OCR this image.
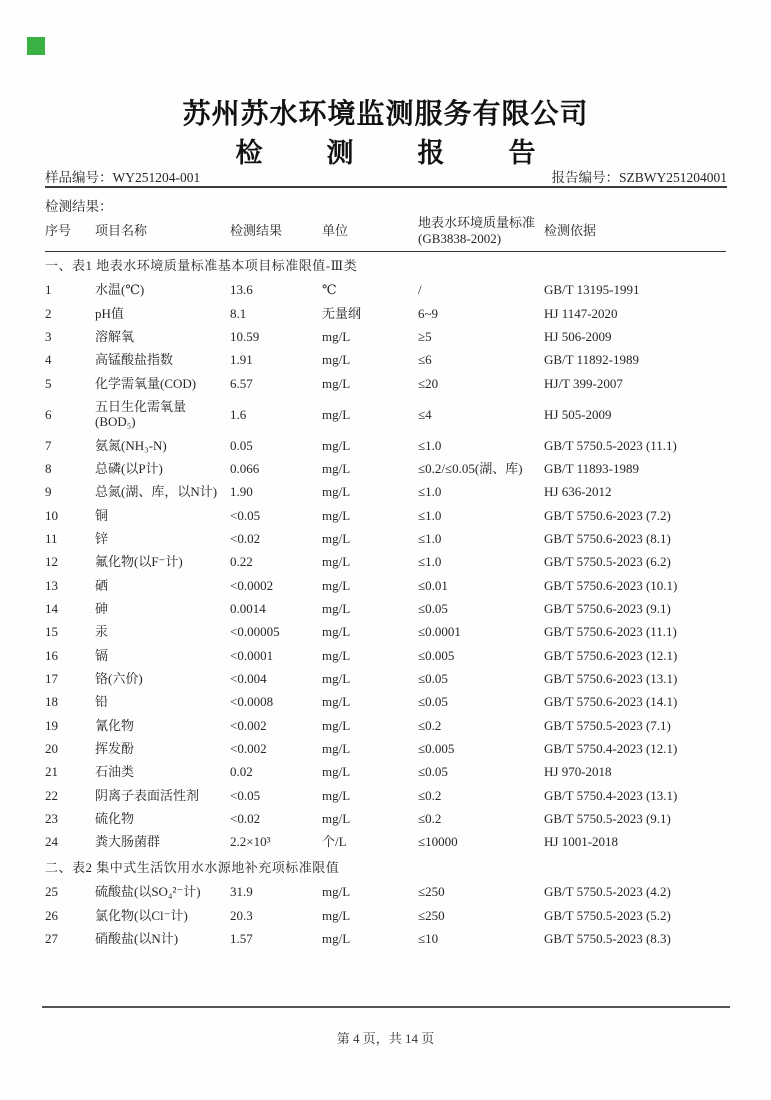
苏州苏水环境监测服务有限公司
检 测 报 告
样品编号：WY251204-001	报告编号：SZBWY251204001
检测结果：
序号	项目名称	检测结果	单位	地表水环境质量标准(GB3838-2002)	检测依据
一、表1 地表水环境质量标准基本项目标准限值-Ⅲ类					
1	水温(℃)	13.6	℃	/	GB/T 13195-1991
2	pH值	8.1	无量纲	6~9	HJ 1147-2020
3	溶解氧	10.59	mg/L	≥5	HJ 506-2009
4	高锰酸盐指数	1.91	mg/L	≤6	GB/T 11892-1989
5	化学需氧量(COD)	6.57	mg/L	≤20	HJ/T 399-2007
6	五日生化需氧量(BOD₅)	1.6	mg/L	≤4	HJ 505-2009
7	氨氮(NH₃-N)	0.05	mg/L	≤1.0	GB/T 5750.5-2023 (11.1)
8	总磷(以P计)	0.066	mg/L	≤0.2/≤0.05(湖、库)	GB/T 11893-1989
9	总氮(湖、库，以N计)	1.90	mg/L	≤1.0	HJ 636-2012
10	铜	<0.05	mg/L	≤1.0	GB/T 5750.6-2023 (7.2)
11	锌	<0.02	mg/L	≤1.0	GB/T 5750.6-2023 (8.1)
12	氟化物(以F⁻计)	0.22	mg/L	≤1.0	GB/T 5750.5-2023 (6.2)
13	硒	<0.0002	mg/L	≤0.01	GB/T 5750.6-2023 (10.1)
14	砷	0.0014	mg/L	≤0.05	GB/T 5750.6-2023 (9.1)
15	汞	<0.00005	mg/L	≤0.0001	GB/T 5750.6-2023 (11.1)
16	镉	<0.0001	mg/L	≤0.005	GB/T 5750.6-2023 (12.1)
17	铬(六价)	<0.004	mg/L	≤0.05	GB/T 5750.6-2023 (13.1)
18	铅	<0.0008	mg/L	≤0.05	GB/T 5750.6-2023 (14.1)
19	氰化物	<0.002	mg/L	≤0.2	GB/T 5750.5-2023 (7.1)
20	挥发酚	<0.002	mg/L	≤0.005	GB/T 5750.4-2023 (12.1)
21	石油类	0.02	mg/L	≤0.05	HJ 970-2018
22	阴离子表面活性剂	<0.05	mg/L	≤0.2	GB/T 5750.4-2023 (13.1)
23	硫化物	<0.02	mg/L	≤0.2	GB/T 5750.5-2023 (9.1)
24	粪大肠菌群	2.2×10³	个/L	≤10000	HJ 1001-2018
二、表2 集中式生活饮用水水源地补充项标准限值					
25	硫酸盐(以SO₄²⁻计)	31.9	mg/L	≤250	GB/T 5750.5-2023 (4.2)
26	氯化物(以Cl⁻计)	20.3	mg/L	≤250	GB/T 5750.5-2023 (5.2)
27	硝酸盐(以N计)	1.57	mg/L	≤10	GB/T 5750.5-2023 (8.3)
第 4 页，共 14 页
